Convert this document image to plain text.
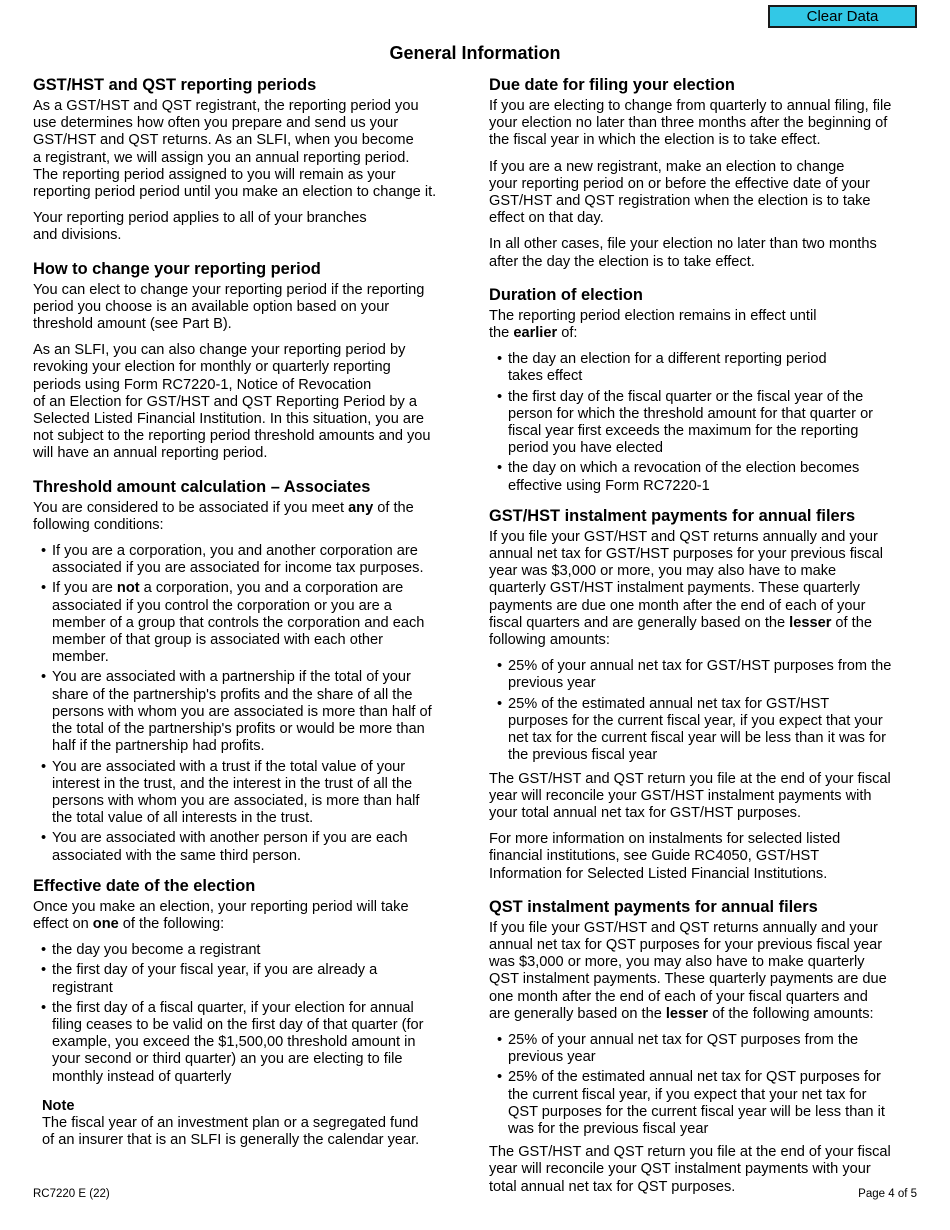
Clear Data
General Information
GST/HST and QST reporting periods

As a GST/HST and QST registrant, the reporting period you
use determines how often you prepare and send us your
GST/HST and QST returns. As an SLFI, when you become
a registrant, we will assign you an annual reporting period.
The reporting period assigned to you will remain as your
reporting period period until you make an election to change it.

Your reporting period applies to all of your branches
and divisions.

How to change your reporting period

You can elect to change your reporting period if the reporting
period you choose is an available option based on your
threshold amount (see Part B).

As an SLFI, you can also change your reporting period by
revoking your election for monthly or quarterly reporting
periods using Form RC7220-1, Notice of Revocation
of an Election for GST/HST and QST Reporting Period by a
Selected Listed Financial Institution. In this situation, you are
not subject to the reporting period threshold amounts and you
will have an annual reporting period.

Threshold amount calculation – Associates

You are considered to be associated if you meet any of the
following conditions:

• If you are a corporation, you and another corporation are
associated if you are associated for income tax purposes.
• If you are not a corporation, you and a corporation are
associated if you control the corporation or you are a
member of a group that controls the corporation and each
member of that group is associated with each other
member.
• You are associated with a partnership if the total of your
share of the partnership's profits and the share of all the
persons with whom you are associated is more than half of
the total of the partnership's profits or would be more than
half if the partnership had profits.
• You are associated with a trust if the total value of your
interest in the trust, and the interest in the trust of all the
persons with whom you are associated, is more than half
the total value of all interests in the trust.
• You are associated with another person if you are each
associated with the same third person.
Effective date of the election

Once you make an election, your reporting period will take
effect on one of the following:

• the day you become a registrant
• the first day of your fiscal year, if you are already a
registrant
• the first day of a fiscal quarter, if your election for annual
filing ceases to be valid on the first day of that quarter (for
example, you exceed the $1,500,00 threshold amount in
your second or third quarter) an you are electing to file
monthly instead of quarterly
Note
The fiscal year of an investment plan or a segregated fund
of an insurer that is an SLFI is generally the calendar year.
Due date for filing your election

If you are electing to change from quarterly to annual filing, file
your election no later than three months after the beginning of
the fiscal year in which the election is to take effect.

If you are a new registrant, make an election to change
your reporting period on or before the effective date of your
GST/HST and QST registration when the election is to take
effect on that day.

In all other cases, file your election no later than two months
after the day the election is to take effect.

Duration of election

The reporting period election remains in effect until
the earlier of:

• the day an election for a different reporting period
takes effect
• the first day of the fiscal quarter or the fiscal year of the
person for which the threshold amount for that quarter or
fiscal year first exceeds the maximum for the reporting
period you have elected
• the day on which a revocation of the election becomes
effective using Form RC7220-1
GST/HST instalment payments for annual filers

If you file your GST/HST and QST returns annually and your
annual net tax for GST/HST purposes for your previous fiscal
year was $3,000 or more, you may also have to make
quarterly GST/HST instalment payments. These quarterly
payments are due one month after the end of each of your
fiscal quarters and are generally based on the lesser of the
following amounts:

• 25% of your annual net tax for GST/HST purposes from the
previous year
• 25% of the estimated annual net tax for GST/HST
purposes for the current fiscal year, if you expect that your
net tax for the current fiscal year will be less than it was for
the previous fiscal year

The GST/HST and QST return you file at the end of your fiscal
year will reconcile your GST/HST instalment payments with
your total annual net tax for GST/HST purposes.

For more information on instalments for selected listed
financial institutions, see Guide RC4050, GST/HST
Information for Selected Listed Financial Institutions.

QST instalment payments for annual filers

If you file your GST/HST and QST returns annually and your
annual net tax for QST purposes for your previous fiscal year
was $3,000 or more, you may also have to make quarterly
QST instalment payments. These quarterly payments are due
one month after the end of each of your fiscal quarters and
are generally based on the lesser of the following amounts:

• 25% of your annual net tax for QST purposes from the
previous year
• 25% of the estimated annual net tax for QST purposes for
the current fiscal year, if you expect that your net tax for
QST purposes for the current fiscal year will be less than it
was for the previous fiscal year

The GST/HST and QST return you file at the end of your fiscal
year will reconcile your QST instalment payments with your
total annual net tax for QST purposes.

RC7220 E (22)	Page 4 of 5
